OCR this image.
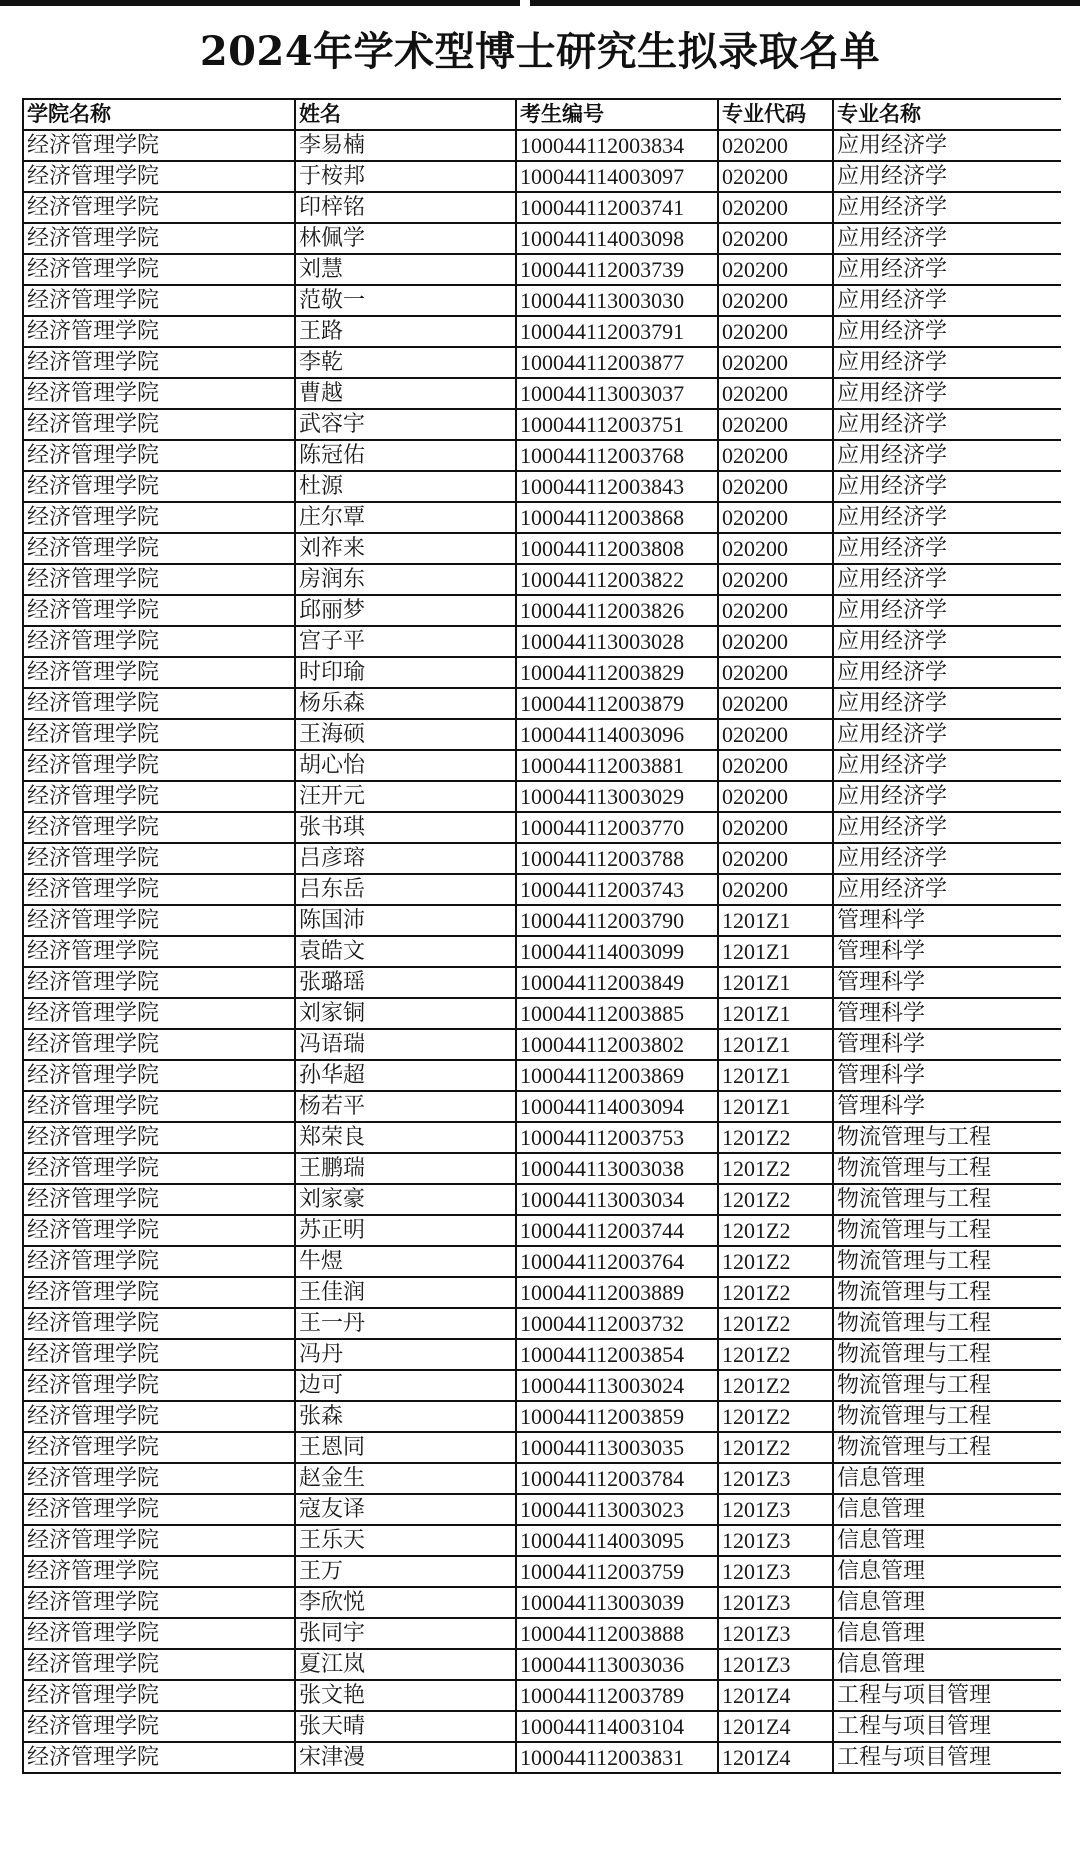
2024年学术型博士研究生拟录取名单
学院名称	姓名	考生编号	专业代码	专业名称
经济管理学院	李易楠	100044112003834	020200	应用经济学
经济管理学院	于桉邦	100044114003097	020200	应用经济学
经济管理学院	印梓铭	100044112003741	020200	应用经济学
经济管理学院	林佩学	100044114003098	020200	应用经济学
经济管理学院	刘慧	100044112003739	020200	应用经济学
经济管理学院	范敬一	100044113003030	020200	应用经济学
经济管理学院	王路	100044112003791	020200	应用经济学
经济管理学院	李乾	100044112003877	020200	应用经济学
经济管理学院	曹越	100044113003037	020200	应用经济学
经济管理学院	武容宇	100044112003751	020200	应用经济学
经济管理学院	陈冠佑	100044112003768	020200	应用经济学
经济管理学院	杜源	100044112003843	020200	应用经济学
经济管理学院	庄尔覃	100044112003868	020200	应用经济学
经济管理学院	刘祚来	100044112003808	020200	应用经济学
经济管理学院	房润东	100044112003822	020200	应用经济学
经济管理学院	邱丽梦	100044112003826	020200	应用经济学
经济管理学院	宫子平	100044113003028	020200	应用经济学
经济管理学院	时印瑜	100044112003829	020200	应用经济学
经济管理学院	杨乐森	100044112003879	020200	应用经济学
经济管理学院	王海硕	100044114003096	020200	应用经济学
经济管理学院	胡心怡	100044112003881	020200	应用经济学
经济管理学院	汪开元	100044113003029	020200	应用经济学
经济管理学院	张书琪	100044112003770	020200	应用经济学
经济管理学院	吕彦瑢	100044112003788	020200	应用经济学
经济管理学院	吕东岳	100044112003743	020200	应用经济学
经济管理学院	陈国沛	100044112003790	1201Z1	管理科学
经济管理学院	袁皓文	100044114003099	1201Z1	管理科学
经济管理学院	张璐瑶	100044112003849	1201Z1	管理科学
经济管理学院	刘家铜	100044112003885	1201Z1	管理科学
经济管理学院	冯语瑞	100044112003802	1201Z1	管理科学
经济管理学院	孙华超	100044112003869	1201Z1	管理科学
经济管理学院	杨若平	100044114003094	1201Z1	管理科学
经济管理学院	郑荣良	100044112003753	1201Z2	物流管理与工程
经济管理学院	王鹏瑞	100044113003038	1201Z2	物流管理与工程
经济管理学院	刘家豪	100044113003034	1201Z2	物流管理与工程
经济管理学院	苏正明	100044112003744	1201Z2	物流管理与工程
经济管理学院	牛煜	100044112003764	1201Z2	物流管理与工程
经济管理学院	王佳润	100044112003889	1201Z2	物流管理与工程
经济管理学院	王一丹	100044112003732	1201Z2	物流管理与工程
经济管理学院	冯丹	100044112003854	1201Z2	物流管理与工程
经济管理学院	边可	100044113003024	1201Z2	物流管理与工程
经济管理学院	张森	100044112003859	1201Z2	物流管理与工程
经济管理学院	王恩同	100044113003035	1201Z2	物流管理与工程
经济管理学院	赵金生	100044112003784	1201Z3	信息管理
经济管理学院	寇友译	100044113003023	1201Z3	信息管理
经济管理学院	王乐天	100044114003095	1201Z3	信息管理
经济管理学院	王万	100044112003759	1201Z3	信息管理
经济管理学院	李欣悦	100044113003039	1201Z3	信息管理
经济管理学院	张同宇	100044112003888	1201Z3	信息管理
经济管理学院	夏江岚	100044113003036	1201Z3	信息管理
经济管理学院	张文艳	100044112003789	1201Z4	工程与项目管理
经济管理学院	张天晴	100044114003104	1201Z4	工程与项目管理
经济管理学院	宋津漫	100044112003831	1201Z4	工程与项目管理
